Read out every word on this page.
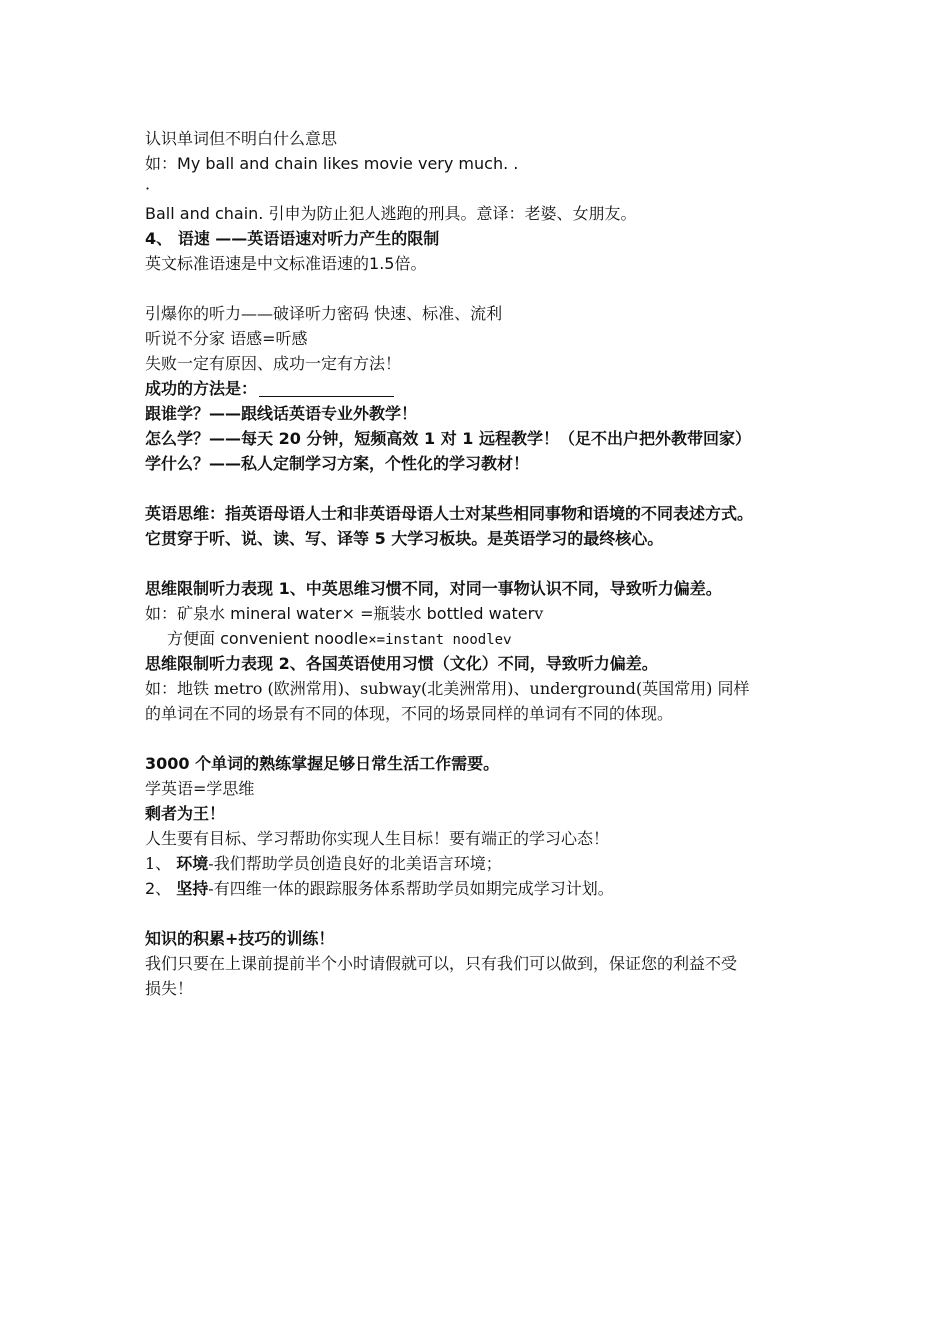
认识单词但不明白什么意思
如：My ball and chain likes movie very much. .
·
Ball and chain. 引申为防止犯人逃跑的刑具。意译：老婆、女朋友。
4、 语速 ——英语语速对听力产生的限制
英文标准语速是中文标准语速的1.5倍。
引爆你的听力——破译听力密码 快速、标准、流利
听说不分家 语感=听感
失败一定有原因、成功一定有方法！
成功的方法是：
跟谁学？——跟线话英语专业外教学！
怎么学？——每天 20 分钟，短频高效 1 对 1 远程教学！（足不出户把外教带回家）
学什么？——私人定制学习方案，个性化的学习教材！
英语思维：指英语母语人士和非英语母语人士对某些相同事物和语境的不同表述方式。
它贯穿于听、说、读、写、译等 5 大学习板块。是英语学习的最终核心。
思维限制听力表现 1、中英思维习惯不同，对同一事物认识不同，导致听力偏差。
如：矿泉水 mineral water× =瓶装水 bottled waterⅴ
方便面 convenient noodle×=instant noodleⅴ
思维限制听力表现 2、各国英语使用习惯（文化）不同，导致听力偏差。
如：地铁 metro (欧洲常用)、subway(北美洲常用)、underground(英国常用) 同样
的单词在不同的场景有不同的体现，不同的场景同样的单词有不同的体现。
3000 个单词的熟练掌握足够日常生活工作需要。
学英语=学思维
剩者为王！
人生要有目标、学习帮助你实现人生目标！要有端正的学习心态！
1、 环境-我们帮助学员创造良好的北美语言环境；
2、 坚持-有四维一体的跟踪服务体系帮助学员如期完成学习计划。
知识的积累+技巧的训练！
我们只要在上课前提前半个小时请假就可以，只有我们可以做到，保证您的利益不受
损失！
